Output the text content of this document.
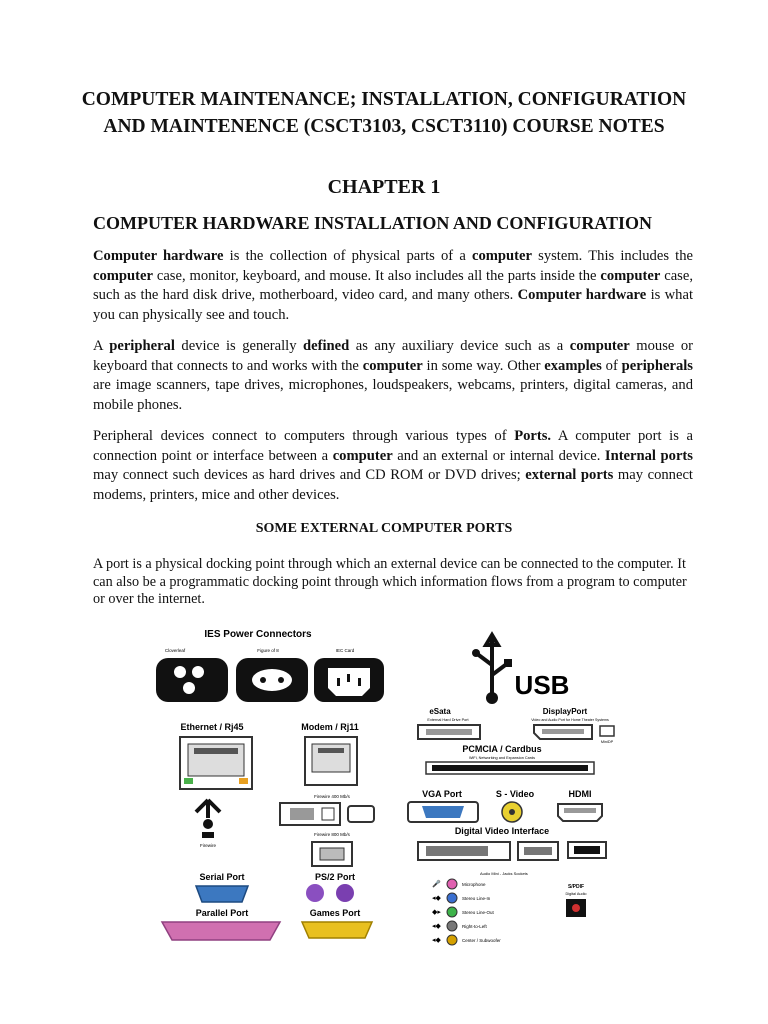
COMPUTER MAINTENANCE; INSTALLATION, CONFIGURATION AND MAINTENENCE (CSCT3103, CSCT3110) COURSE NOTES
CHAPTER 1
COMPUTER HARDWARE INSTALLATION AND CONFIGURATION
Computer hardware is the collection of physical parts of a computer system. This includes the computer case, monitor, keyboard, and mouse. It also includes all the parts inside the computer case, such as the hard disk drive, motherboard, video card, and many others. Computer hardware is what you can physically see and touch.
A peripheral device is generally defined as any auxiliary device such as a computer mouse or keyboard that connects to and works with the computer in some way. Other examples of peripherals are image scanners, tape drives, microphones, loudspeakers, webcams, printers, digital cameras, and mobile phones.
Peripheral devices connect to computers through various types of Ports. A computer port is a connection point or interface between a computer and an external or internal device. Internal ports may connect such devices as hard drives and CD ROM or DVD drives; external ports may connect modems, printers, mice and other devices.
SOME EXTERNAL COMPUTER PORTS
A port is a physical docking point through which an external device can be connected to the computer. It can also be a programmatic docking point through which information flows from a program to computer or over the internet.
IES Power Connectors
Cloverleaf	Figure of 8	IEC Card
Ethernet / Rj45	Modem / Rj11
Firewire
Firewire 400 Mb/s
Firewire 800 Mb/s
Serial Port	PS/2 Port
Parallel Port	Games Port
USB
eSata
External Hard Drive Port
DisplayPort
Video and Audio Port for Home Theater Systems
MiniDP
PCMCIA / Cardbus
WiFi, Networking and Expansion Cards
VGA Port	S - Video	HDMI
Digital Video Interface
Audio Mini - Jacks Sockets
🎤
◂◆
◆▸
◂◆
◂◆
Microphone
Stereo Line-In
Stereo Line-Out
Right-to-Left
Center / Subwoofer
S/PDIF
Digital Audio
